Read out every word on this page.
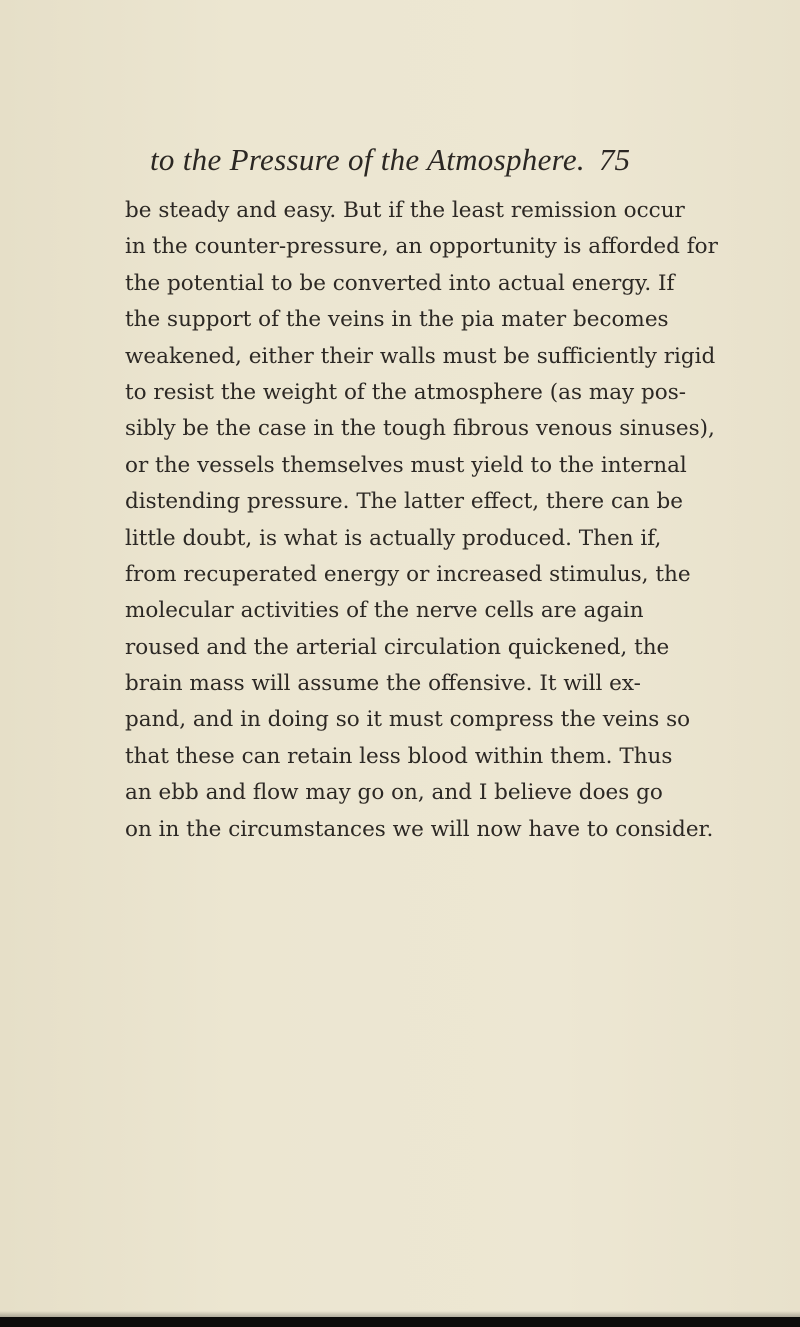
to the Pressure of the Atmosphere. 75
be steady and easy. But if the least remission occur
in the counter-pressure, an opportunity is afforded for
the potential to be converted into actual energy. If
the support of the veins in the pia mater becomes
weakened, either their walls must be sufficiently rigid
to resist the weight of the atmosphere (as may pos-
sibly be the case in the tough fibrous venous sinuses),
or the vessels themselves must yield to the internal
distending pressure. The latter effect, there can be
little doubt, is what is actually produced. Then if,
from recuperated energy or increased stimulus, the
molecular activities of the nerve cells are again
roused and the arterial circulation quickened, the
brain mass will assume the offensive. It will ex-
pand, and in doing so it must compress the veins so
that these can retain less blood within them. Thus
an ebb and flow may go on, and I believe does go
on in the circumstances we will now have to consider.
